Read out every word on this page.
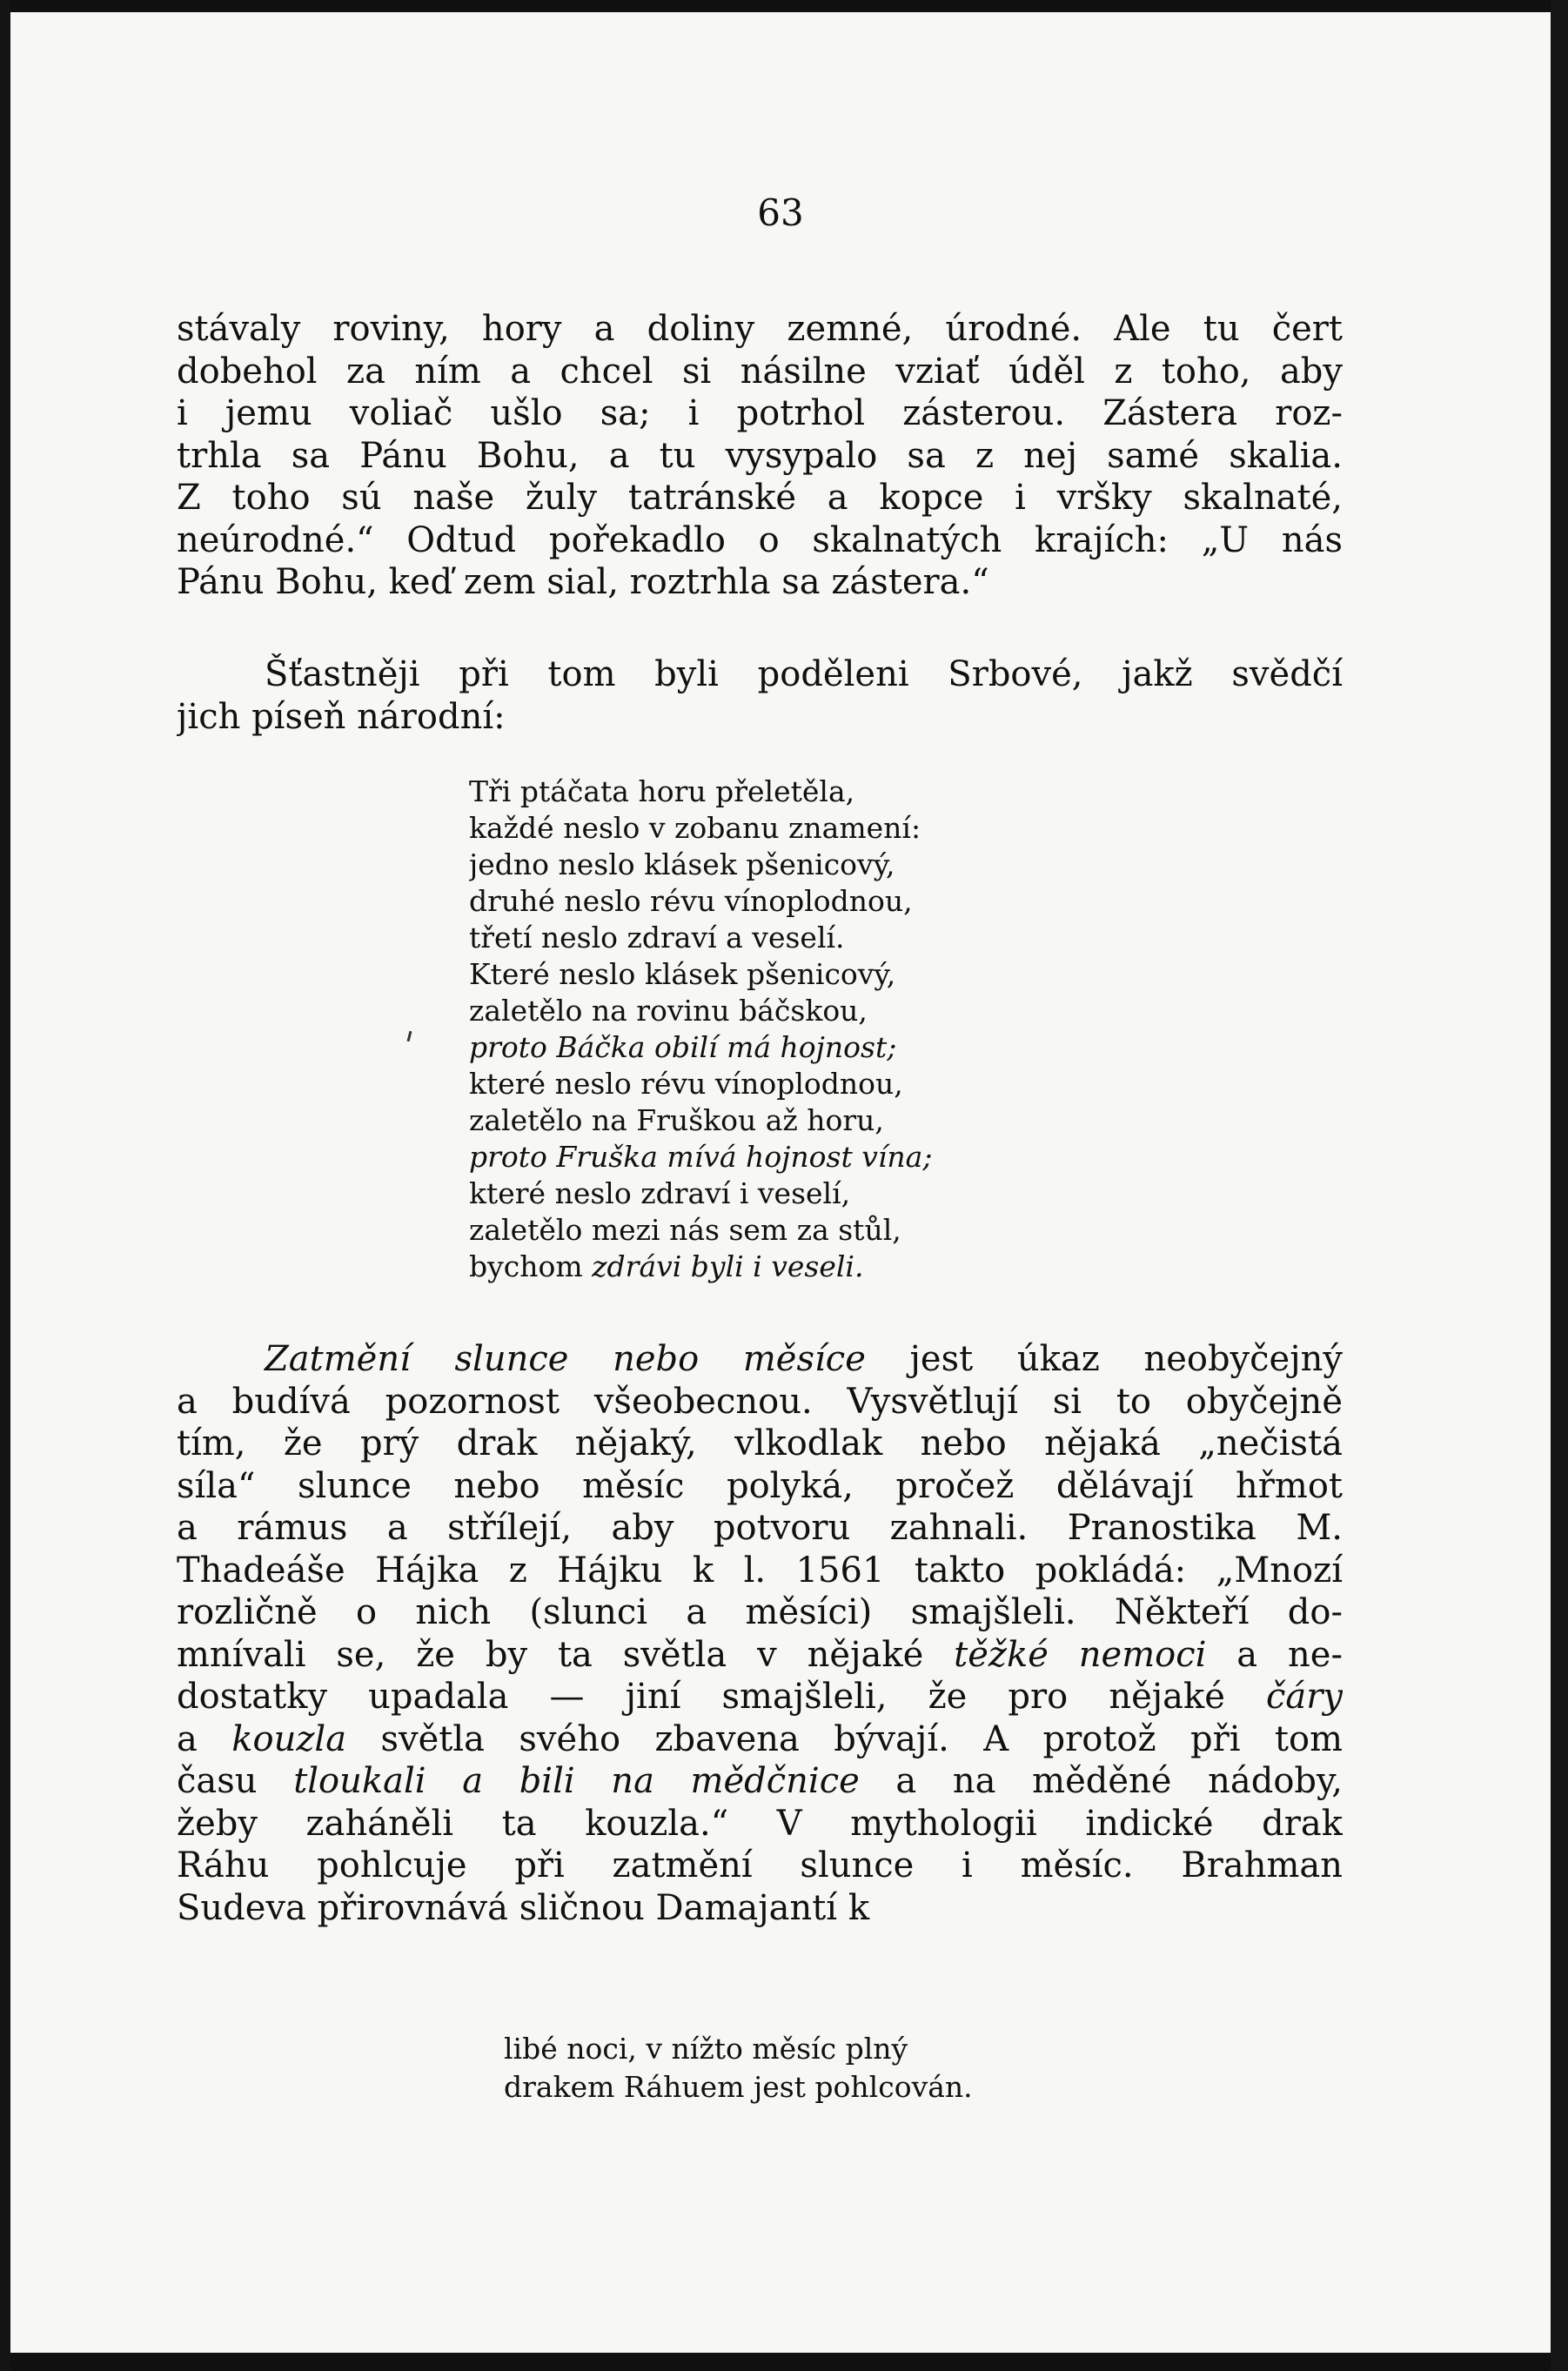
63
stávaly roviny, hory a doliny zemné, úrodné. Ale tu čert
dobehol za ním a chcel si násilne vziať úděl z toho, aby
i jemu voliač ušlo sa; i potrhol zásterou. Zástera roz-
trhla sa Pánu Bohu, a tu vysypalo sa z nej samé skalia.
Z toho sú naše žuly tatránské a kopce i vršky skalnaté,
neúrodné.“ Odtud pořekadlo o skalnatých krajích: „U nás
Pánu Bohu, keď zem sial, roztrhla sa zástera.“
Šťastněji při tom byli poděleni Srbové, jakž svědčí
jich píseň národní:
Tři ptáčata horu přeletěla,
každé neslo v zobanu znamení:
jedno neslo klásek pšenicový,
druhé neslo révu vínoplodnou,
třetí neslo zdraví a veselí.
Které neslo klásek pšenicový,
zaletělo na rovinu báčskou,
proto Báčka obilí má hojnost;
které neslo révu vínoplodnou,
zaletělo na Fruškou až horu,
proto Fruška mívá hojnost vína;
které neslo zdraví i veselí,
zaletělo mezi nás sem za stůl,
bychom zdrávi byli i veseli.
Zatmění slunce nebo měsíce jest úkaz neobyčejný
a budívá pozornost všeobecnou. Vysvětlují si to obyčejně
tím, že prý drak nějaký, vlkodlak nebo nějaká „nečistá
síla“ slunce nebo měsíc polyká, pročež dělávají hřmot
a rámus a střílejí, aby potvoru zahnali. Pranostika M.
Thadeáše Hájka z Hájku k l. 1561 takto pokládá: „Mnozí
rozličně o nich (slunci a měsíci) smajšleli. Někteří do-
mnívali se, že by ta světla v nějaké těžké nemoci a ne-
dostatky upadala — jiní smajšleli, že pro nějaké čáry
a kouzla světla svého zbavena bývají. A protož při tom
času tloukali a bili na mědčnice a na měděné nádoby,
žeby zaháněli ta kouzla.“ V mythologii indické drak
Ráhu pohlcuje při zatmění slunce i měsíc. Brahman
Sudeva přirovnává sličnou Damajantí k
libé noci, v nížto měsíc plný
drakem Ráhuem jest pohlcován.
